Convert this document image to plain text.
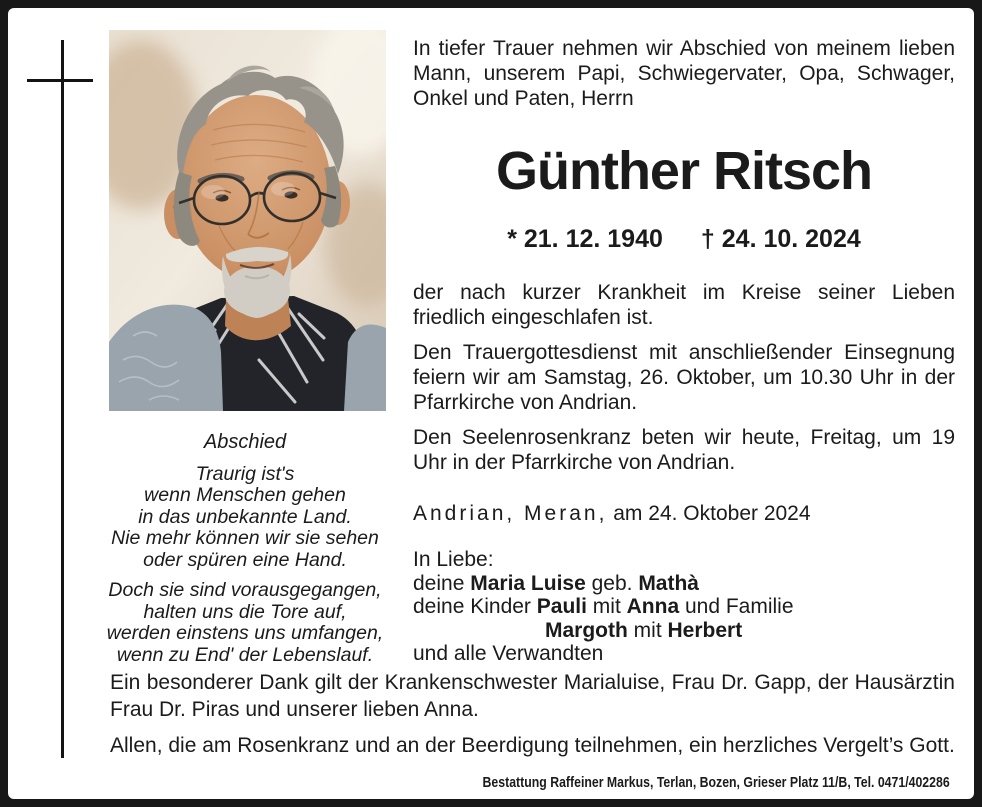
Abschied
Traurig ist's
wenn Menschen gehen
in das unbekannte Land.
Nie mehr können wir sie sehen
oder spüren eine Hand.
Doch sie sind vorausgegangen,
halten uns die Tore auf,
werden einstens uns umfangen,
wenn zu End' der Lebenslauf.

In tiefer Trauer nehmen wir Abschied von meinem lieben Mann, unserem Papi, Schwiegervater, Opa, Schwager, Onkel und Paten, Herrn

Günther Ritsch
* 21. 12. 1940 † 24. 10. 2024

der nach kurzer Krankheit im Kreise seiner Lieben friedlich eingeschlafen ist.

Den Trauergottesdienst mit anschließender Einsegnung feiern wir am Samstag, 26. Oktober, um 10.30 Uhr in der Pfarrkirche von Andrian.

Den Seelenrosenkranz beten wir heute, Freitag, um 19 Uhr in der Pfarrkirche von Andrian.

Andrian, Meran, am 24. Oktober 2024

In Liebe:
deine Maria Luise geb. Mathà
deine Kinder Pauli mit Anna und Familie
Margoth mit Herbert
und alle Verwandten

Ein besonderer Dank gilt der Krankenschwester Marialuise, Frau Dr. Gapp, der Hausärztin Frau Dr. Piras und unserer lieben Anna.

Allen, die am Rosenkranz und an der Beerdigung teilnehmen, ein herzliches Vergelt’s Gott.

Bestattung Raffeiner Markus, Terlan, Bozen, Grieser Platz 11/B, Tel. 0471/402286
